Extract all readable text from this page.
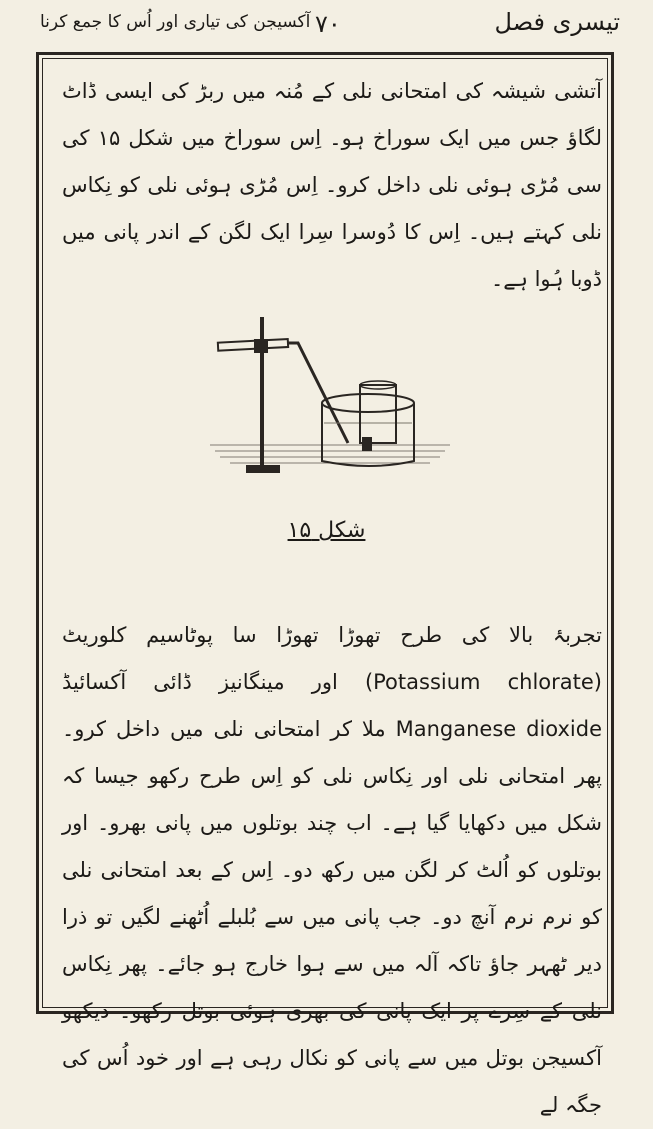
تیسری فصل
۷۰
آکسیجن کی تیاری اور اُس کا جمع کرنا

آتشی شیشہ کی امتحانی نلی کے مُنہ میں ربڑ کی ایسی ڈاٹ لگاؤ جس میں ایک سوراخ ہو۔ اِس سوراخ میں شکل ۱۵ کی سی مُڑی ہوئی نلی داخل کرو۔ اِس مُڑی ہوئی نلی کو نِکاس نلی کہتے ہیں۔ اِس کا دُوسرا سِرا ایک لگن کے اندر پانی میں ڈوبا ہُوا ہے۔

شکل ۱۵

تجربۂ بالا کی طرح تھوڑا تھوڑا سا پوٹاسیم کلوریٹ (Potassium chlorate) اور مینگانیز ڈائی آکسائیڈ Manganese dioxide ملا کر امتحانی نلی میں داخل کرو۔ پھر امتحانی نلی اور نِکاس نلی کو اِس طرح رکھو جیسا کہ شکل میں دکھایا گیا ہے۔ اب چند بوتلوں میں پانی بھرو۔ اور بوتلوں کو اُلٹ کر لگن میں رکھ دو۔ اِس کے بعد امتحانی نلی کو نرم نرم آنچ دو۔ جب پانی میں سے بُلبلے اُٹھنے لگیں تو ذرا دیر ٹھہر جاؤ تاکہ آلہ میں سے ہوا خارج ہو جائے۔ پھر نِکاس نلی کے سِرے پر ایک پانی کی بھری ہوئی بوتل رکھو۔ دیکھو آکسیجن بوتل میں سے پانی کو نکال رہی ہے اور خود اُس کی جگہ لے
